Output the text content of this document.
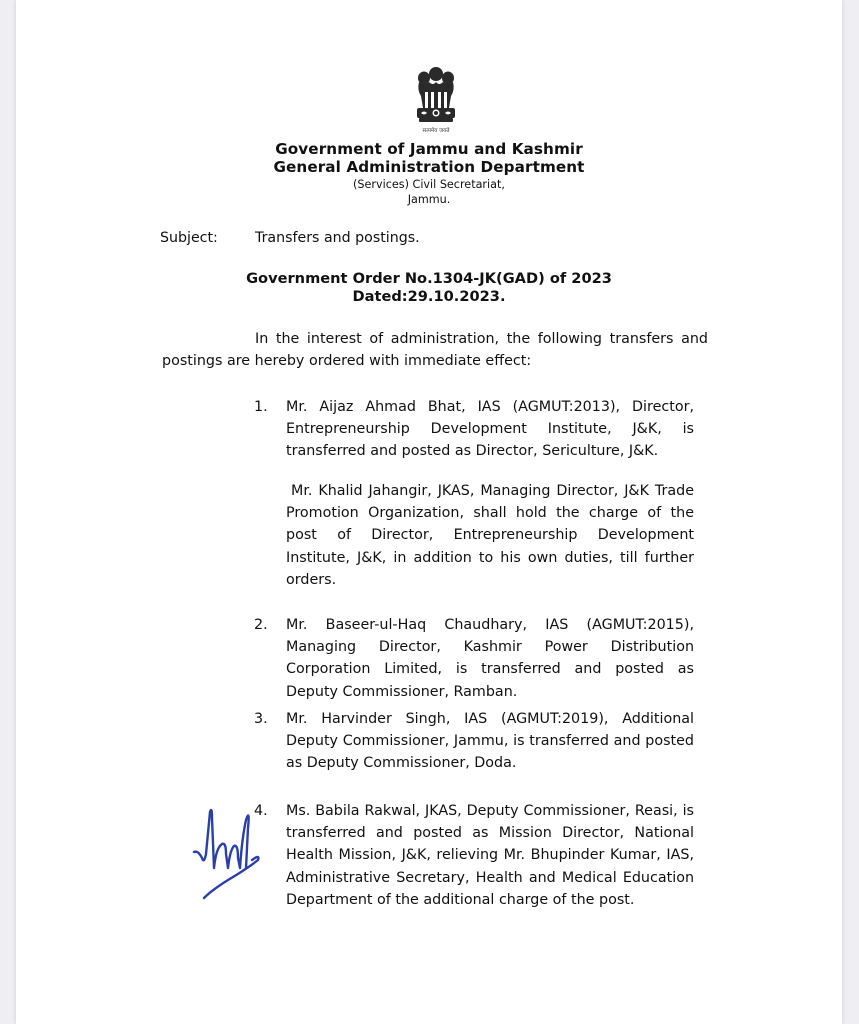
सत्यमेव जयते
Government of Jammu and Kashmir
General Administration Department
(Services) Civil Secretariat,
Jammu.
Subject:	Transfers and postings.
Government Order No.1304-JK(GAD) of 2023
Dated:29.10.2023.
In the interest of administration, the following transfers and postings are hereby ordered with immediate effect:
1. Mr. Aijaz Ahmad Bhat, IAS (AGMUT:2013), Director, Entrepreneurship Development Institute, J&K, is transferred and posted as Director, Sericulture, J&K.
Mr. Khalid Jahangir, JKAS, Managing Director, J&K Trade Promotion Organization, shall hold the charge of the post of Director, Entrepreneurship Development Institute, J&K, in addition to his own duties, till further orders.
2. Mr. Baseer-ul-Haq Chaudhary, IAS (AGMUT:2015), Managing Director, Kashmir Power Distribution Corporation Limited, is transferred and posted as Deputy Commissioner, Ramban.
3. Mr. Harvinder Singh, IAS (AGMUT:2019), Additional Deputy Commissioner, Jammu, is transferred and posted as Deputy Commissioner, Doda.
4. Ms. Babila Rakwal, JKAS, Deputy Commissioner, Reasi, is transferred and posted as Mission Director, National Health Mission, J&K, relieving Mr. Bhupinder Kumar, IAS, Administrative Secretary, Health and Medical Education Department of the additional charge of the post.
